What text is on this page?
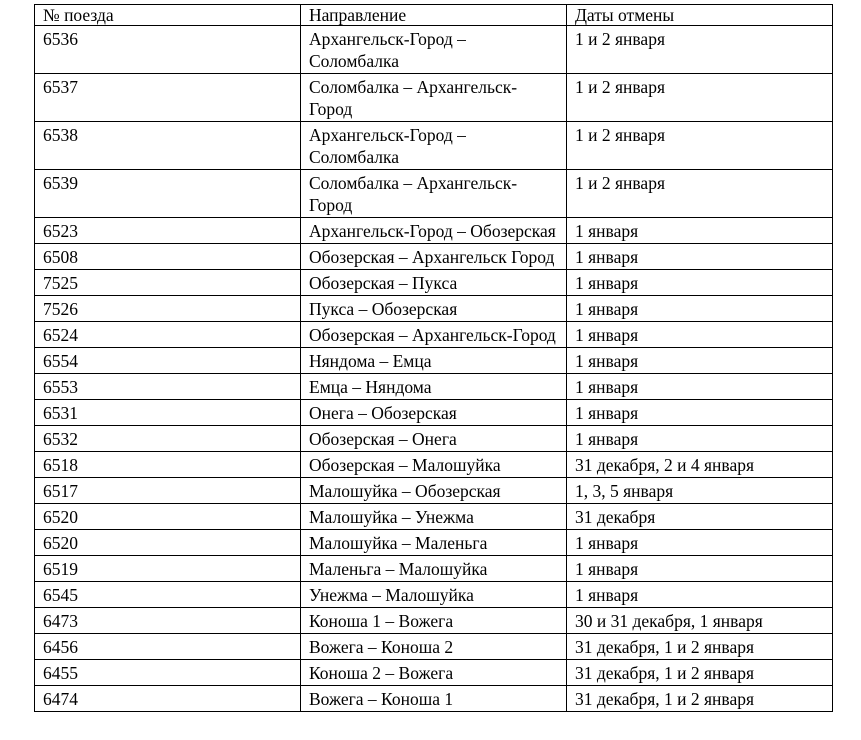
№ поезда	Направление	Даты отмены
6536	Архангельск-Город – Соломбалка	1 и 2 января
6537	Соломбалка – Архангельск-Город	1 и 2 января
6538	Архангельск-Город – Соломбалка	1 и 2 января
6539	Соломбалка – Архангельск-Город	1 и 2 января
6523	Архангельск-Город – Обозерская	1 января
6508	Обозерская – Архангельск Город	1 января
7525	Обозерская – Пукса	1 января
7526	Пукса – Обозерская	1 января
6524	Обозерская – Архангельск-Город	1 января
6554	Няндома – Емца	1 января
6553	Емца – Няндома	1 января
6531	Онега – Обозерская	1 января
6532	Обозерская – Онега	1 января
6518	Обозерская – Малошуйка	31 декабря, 2 и 4 января
6517	Малошуйка – Обозерская	1, 3, 5 января
6520	Малошуйка – Унежма	31 декабря
6520	Малошуйка – Маленьга	1 января
6519	Маленьга – Малошуйка	1 января
6545	Унежма – Малошуйка	1 января
6473	Коноша 1 – Вожега	30 и 31 декабря, 1 января
6456	Вожега – Коноша 2	31 декабря, 1 и 2 января
6455	Коноша 2 – Вожега	31 декабря, 1 и 2 января
6474	Вожега – Коноша 1	31 декабря, 1 и 2 января
